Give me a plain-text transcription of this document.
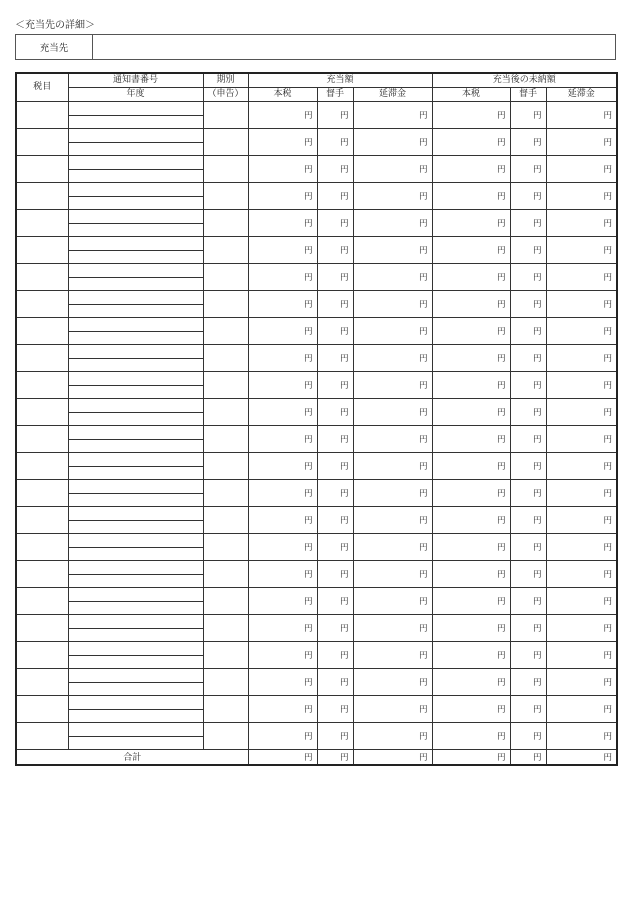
＜充当先の詳細＞
充当先
税目	通知書番号	期別	充当額			充当後の未納額		
	年度	（申告）	本税	督手	延滞金	本税	督手	延滞金

		円	円	円	円	円	円

		円	円	円	円	円	円

		円	円	円	円	円	円

		円	円	円	円	円	円

		円	円	円	円	円	円

		円	円	円	円	円	円

		円	円	円	円	円	円

		円	円	円	円	円	円

		円	円	円	円	円	円

		円	円	円	円	円	円

		円	円	円	円	円	円

		円	円	円	円	円	円

		円	円	円	円	円	円

		円	円	円	円	円	円

		円	円	円	円	円	円

		円	円	円	円	円	円

		円	円	円	円	円	円

		円	円	円	円	円	円

		円	円	円	円	円	円

		円	円	円	円	円	円

		円	円	円	円	円	円

		円	円	円	円	円	円

		円	円	円	円	円	円

		円	円	円	円	円	円
合計			円	円	円	円	円	円
